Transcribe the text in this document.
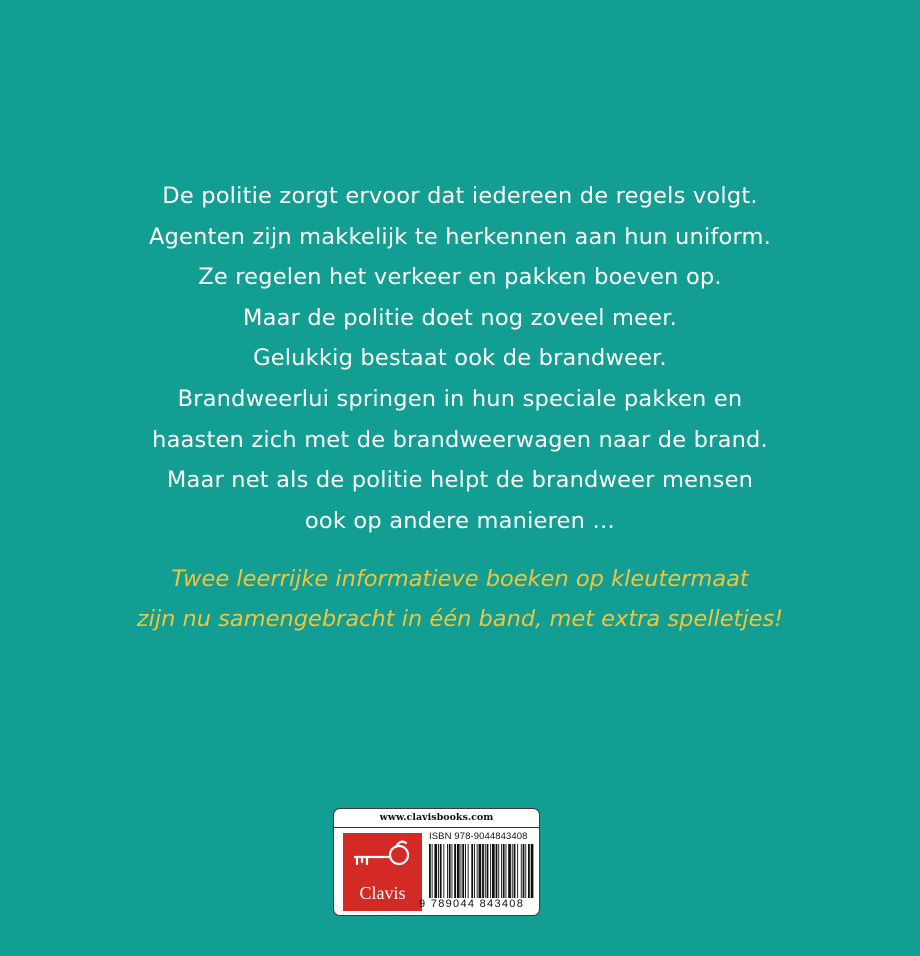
De politie zorgt ervoor dat iedereen de regels volgt.
Agenten zijn makkelijk te herkennen aan hun uniform.
Ze regelen het verkeer en pakken boeven op.
Maar de politie doet nog zoveel meer.
Gelukkig bestaat ook de brandweer.
Brandweerlui springen in hun speciale pakken en
haasten zich met de brandweerwagen naar de brand.
Maar net als de politie helpt de brandweer mensen
ook op andere manieren …
Twee leerrijke informatieve boeken op kleutermaat
zijn nu samengebracht in één band, met extra spelletjes!
www.clavisbooks.com
Clavis
ISBN 978-9044843408
9 789044 843408
